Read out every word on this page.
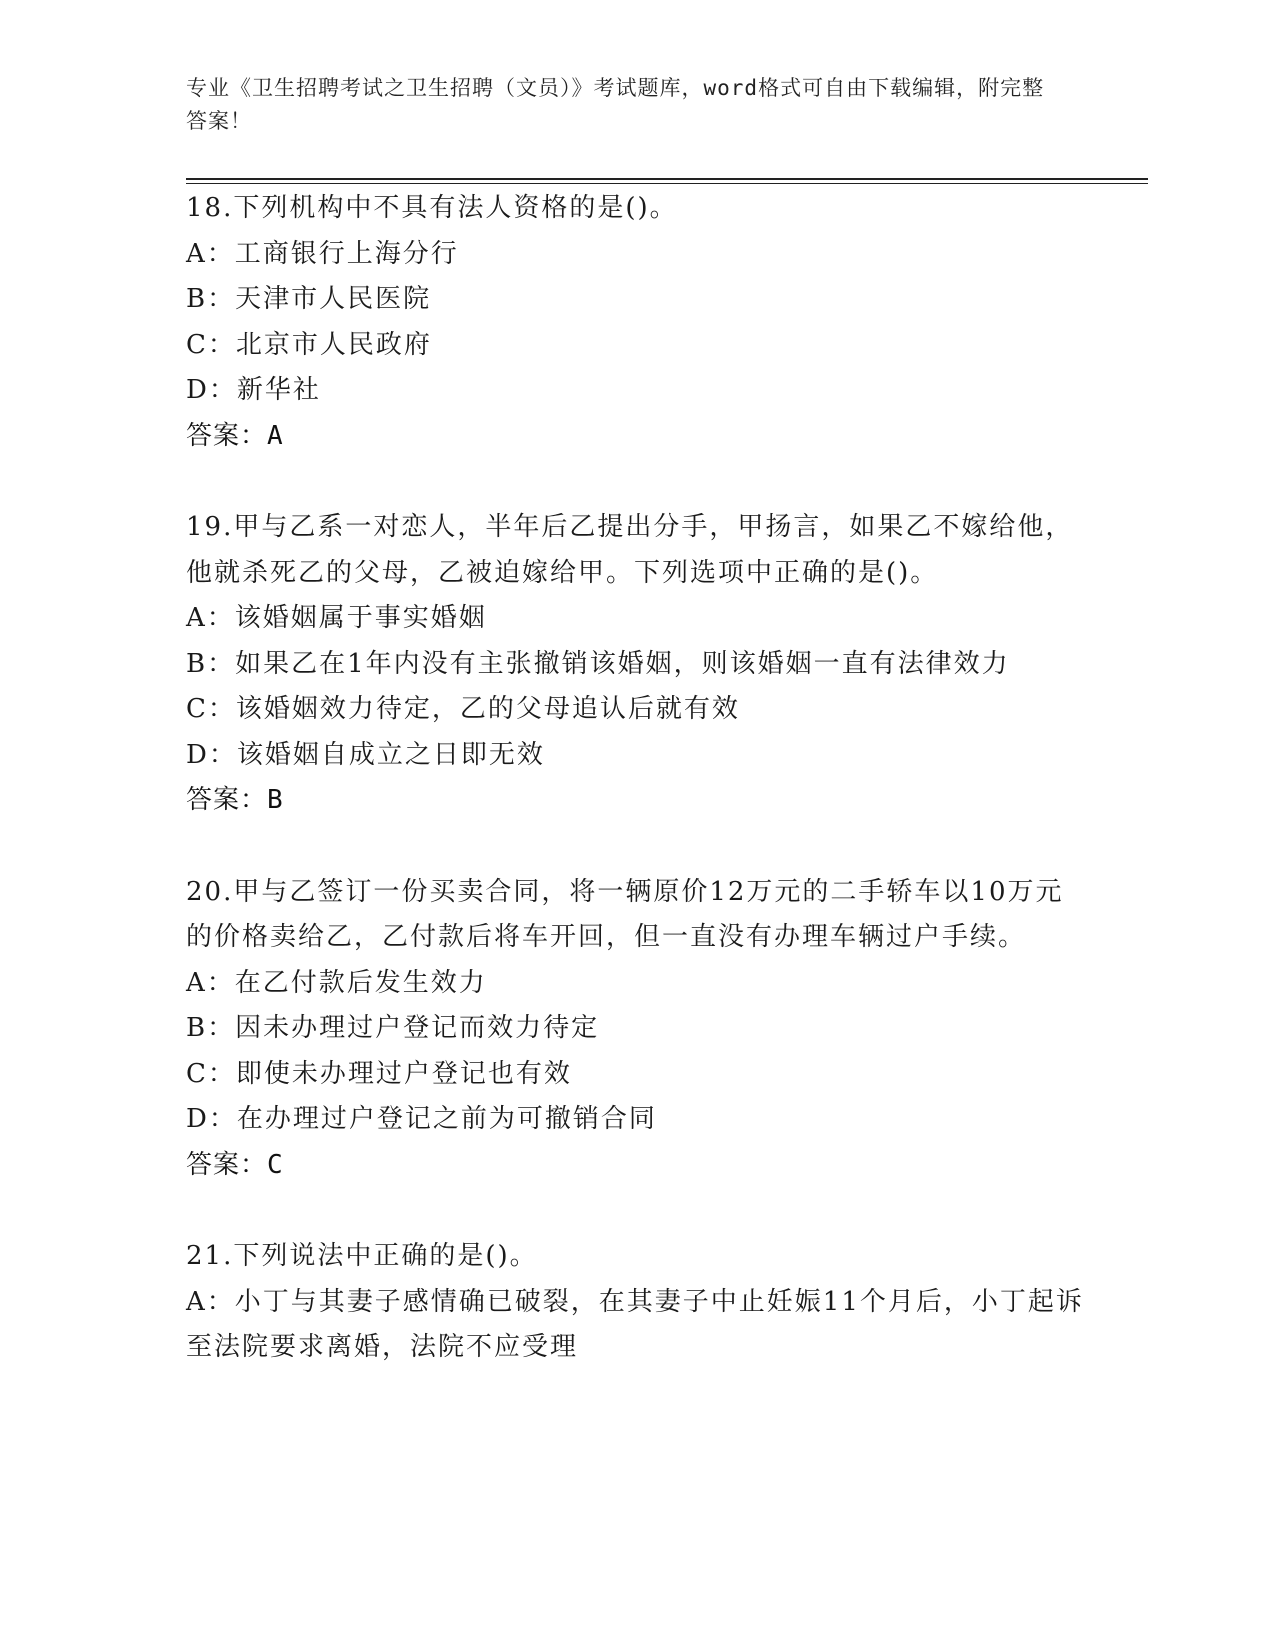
专业《卫生招聘考试之卫生招聘（文员）》考试题库，word格式可自由下载编辑，附完整答案！

18.下列机构中不具有法人资格的是()。

A：工商银行上海分行

B：天津市人民医院

C：北京市人民政府

D：新华社

答案：A

19.甲与乙系一对恋人，半年后乙提出分手，甲扬言，如果乙不嫁给他，他就杀死乙的父母，乙被迫嫁给甲。下列选项中正确的是()。

A：该婚姻属于事实婚姻

B：如果乙在1年内没有主张撤销该婚姻，则该婚姻一直有法律效力

C：该婚姻效力待定，乙的父母追认后就有效

D：该婚姻自成立之日即无效

答案：B

20.甲与乙签订一份买卖合同，将一辆原价12万元的二手轿车以10万元的价格卖给乙，乙付款后将车开回，但一直没有办理车辆过户手续。

A：在乙付款后发生效力

B：因未办理过户登记而效力待定

C：即使未办理过户登记也有效

D：在办理过户登记之前为可撤销合同

答案：C

21.下列说法中正确的是()。

A：小丁与其妻子感情确已破裂，在其妻子中止妊娠11个月后，小丁起诉至法院要求离婚，法院不应受理
